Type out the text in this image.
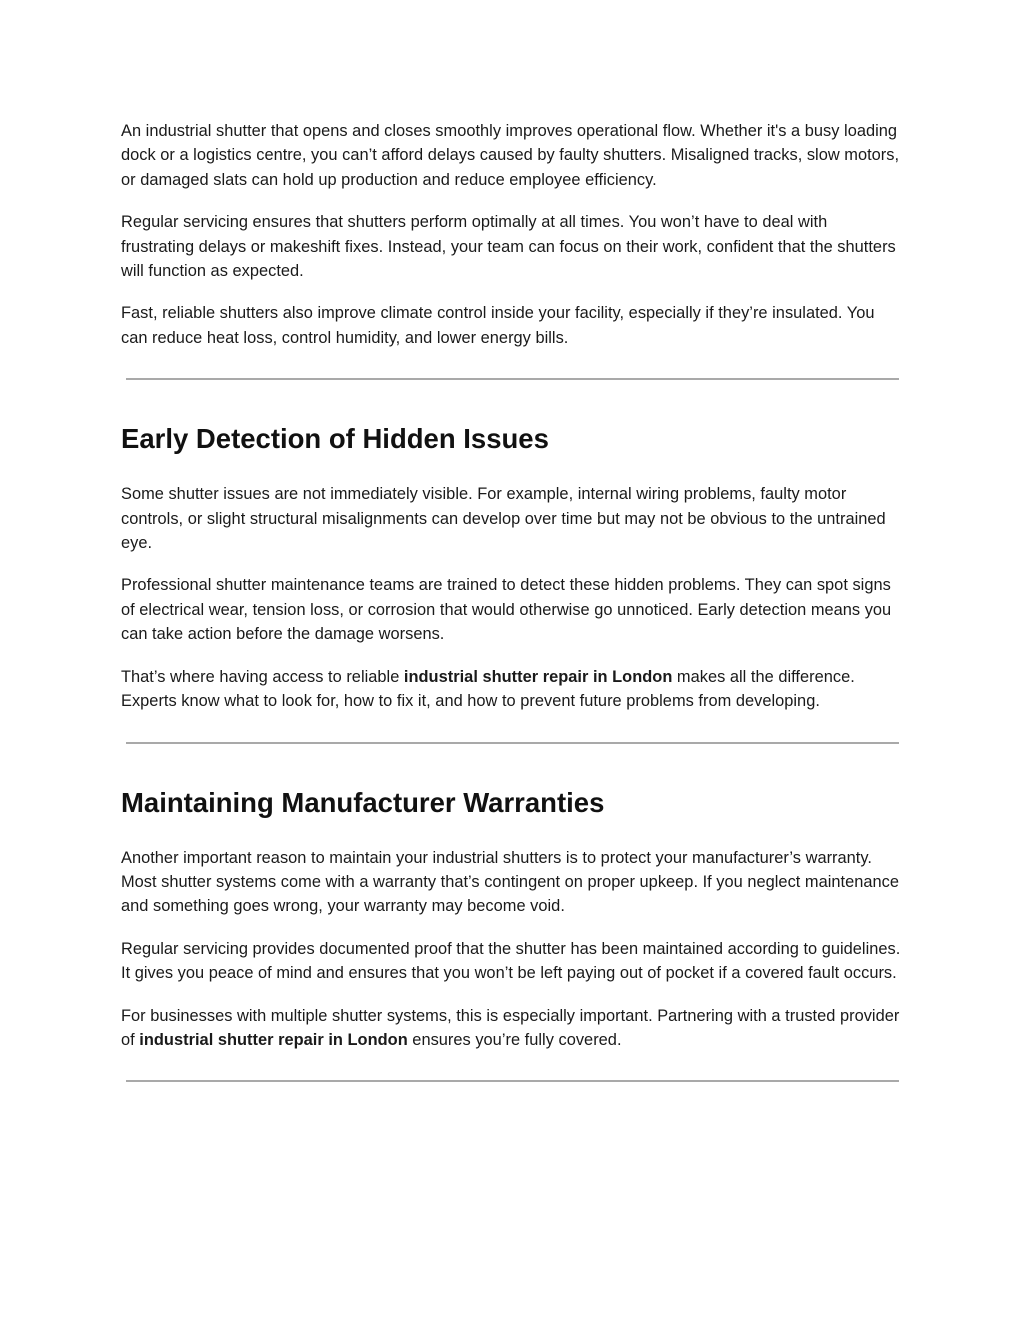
An industrial shutter that opens and closes smoothly improves operational flow. Whether it's a busy loading dock or a logistics centre, you can’t afford delays caused by faulty shutters. Misaligned tracks, slow motors, or damaged slats can hold up production and reduce employee efficiency.

Regular servicing ensures that shutters perform optimally at all times. You won’t have to deal with frustrating delays or makeshift fixes. Instead, your team can focus on their work, confident that the shutters will function as expected.

Fast, reliable shutters also improve climate control inside your facility, especially if they’re insulated. You can reduce heat loss, control humidity, and lower energy bills.

Early Detection of Hidden Issues

Some shutter issues are not immediately visible. For example, internal wiring problems, faulty motor controls, or slight structural misalignments can develop over time but may not be obvious to the untrained eye.

Professional shutter maintenance teams are trained to detect these hidden problems. They can spot signs of electrical wear, tension loss, or corrosion that would otherwise go unnoticed. Early detection means you can take action before the damage worsens.

That’s where having access to reliable industrial shutter repair in London makes all the difference. Experts know what to look for, how to fix it, and how to prevent future problems from developing.

Maintaining Manufacturer Warranties

Another important reason to maintain your industrial shutters is to protect your manufacturer’s warranty. Most shutter systems come with a warranty that’s contingent on proper upkeep. If you neglect maintenance and something goes wrong, your warranty may become void.

Regular servicing provides documented proof that the shutter has been maintained according to guidelines. It gives you peace of mind and ensures that you won’t be left paying out of pocket if a covered fault occurs.

For businesses with multiple shutter systems, this is especially important. Partnering with a trusted provider of industrial shutter repair in London ensures you’re fully covered.
